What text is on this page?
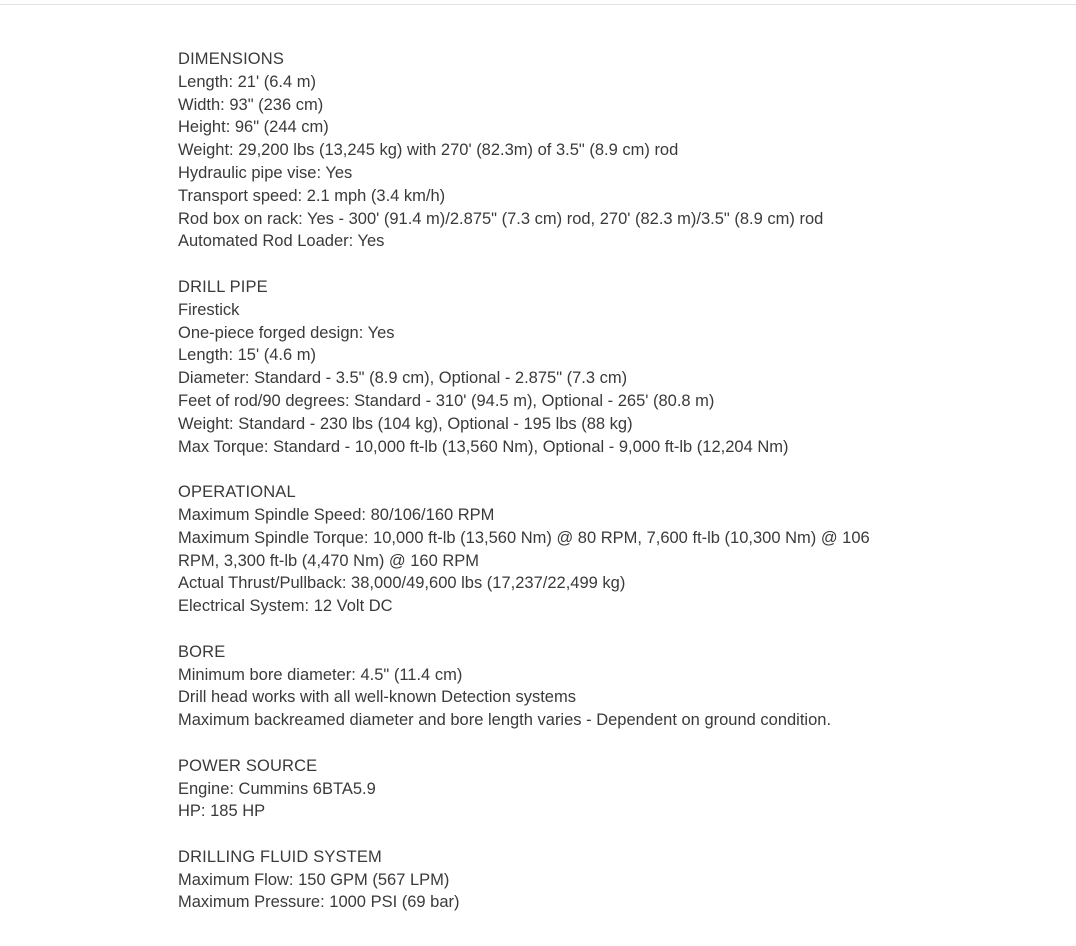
DIMENSIONS

Length: 21' (6.4 m)

Width: 93" (236 cm)

Height: 96" (244 cm)

Weight: 29,200 lbs (13,245 kg) with 270' (82.3m) of 3.5" (8.9 cm) rod

Hydraulic pipe vise: Yes

Transport speed: 2.1 mph (3.4 km/h)

Rod box on rack: Yes - 300' (91.4 m)/2.875" (7.3 cm) rod, 270' (82.3 m)/3.5" (8.9 cm) rod

Automated Rod Loader: Yes

DRILL PIPE

Firestick

One-piece forged design: Yes

Length: 15' (4.6 m)

Diameter: Standard - 3.5" (8.9 cm), Optional - 2.875" (7.3 cm)

Feet of rod/90 degrees: Standard - 310' (94.5 m), Optional - 265' (80.8 m)

Weight: Standard - 230 lbs (104 kg), Optional - 195 lbs (88 kg)

Max Torque: Standard - 10,000 ft-lb (13,560 Nm), Optional - 9,000 ft-lb (12,204 Nm)

OPERATIONAL

Maximum Spindle Speed: 80/106/160 RPM

Maximum Spindle Torque: 10,000 ft-lb (13,560 Nm) @ 80 RPM, 7,600 ft-lb (10,300 Nm) @ 106 RPM, 3,300 ft-lb (4,470 Nm) @ 160 RPM

Actual Thrust/Pullback: 38,000/49,600 lbs (17,237/22,499 kg)

Electrical System: 12 Volt DC

BORE

Minimum bore diameter: 4.5" (11.4 cm)

Drill head works with all well-known Detection systems

Maximum backreamed diameter and bore length varies - Dependent on ground condition.

POWER SOURCE

Engine: Cummins 6BTA5.9

HP: 185 HP

DRILLING FLUID SYSTEM

Maximum Flow: 150 GPM (567 LPM)

Maximum Pressure: 1000 PSI (69 bar)
